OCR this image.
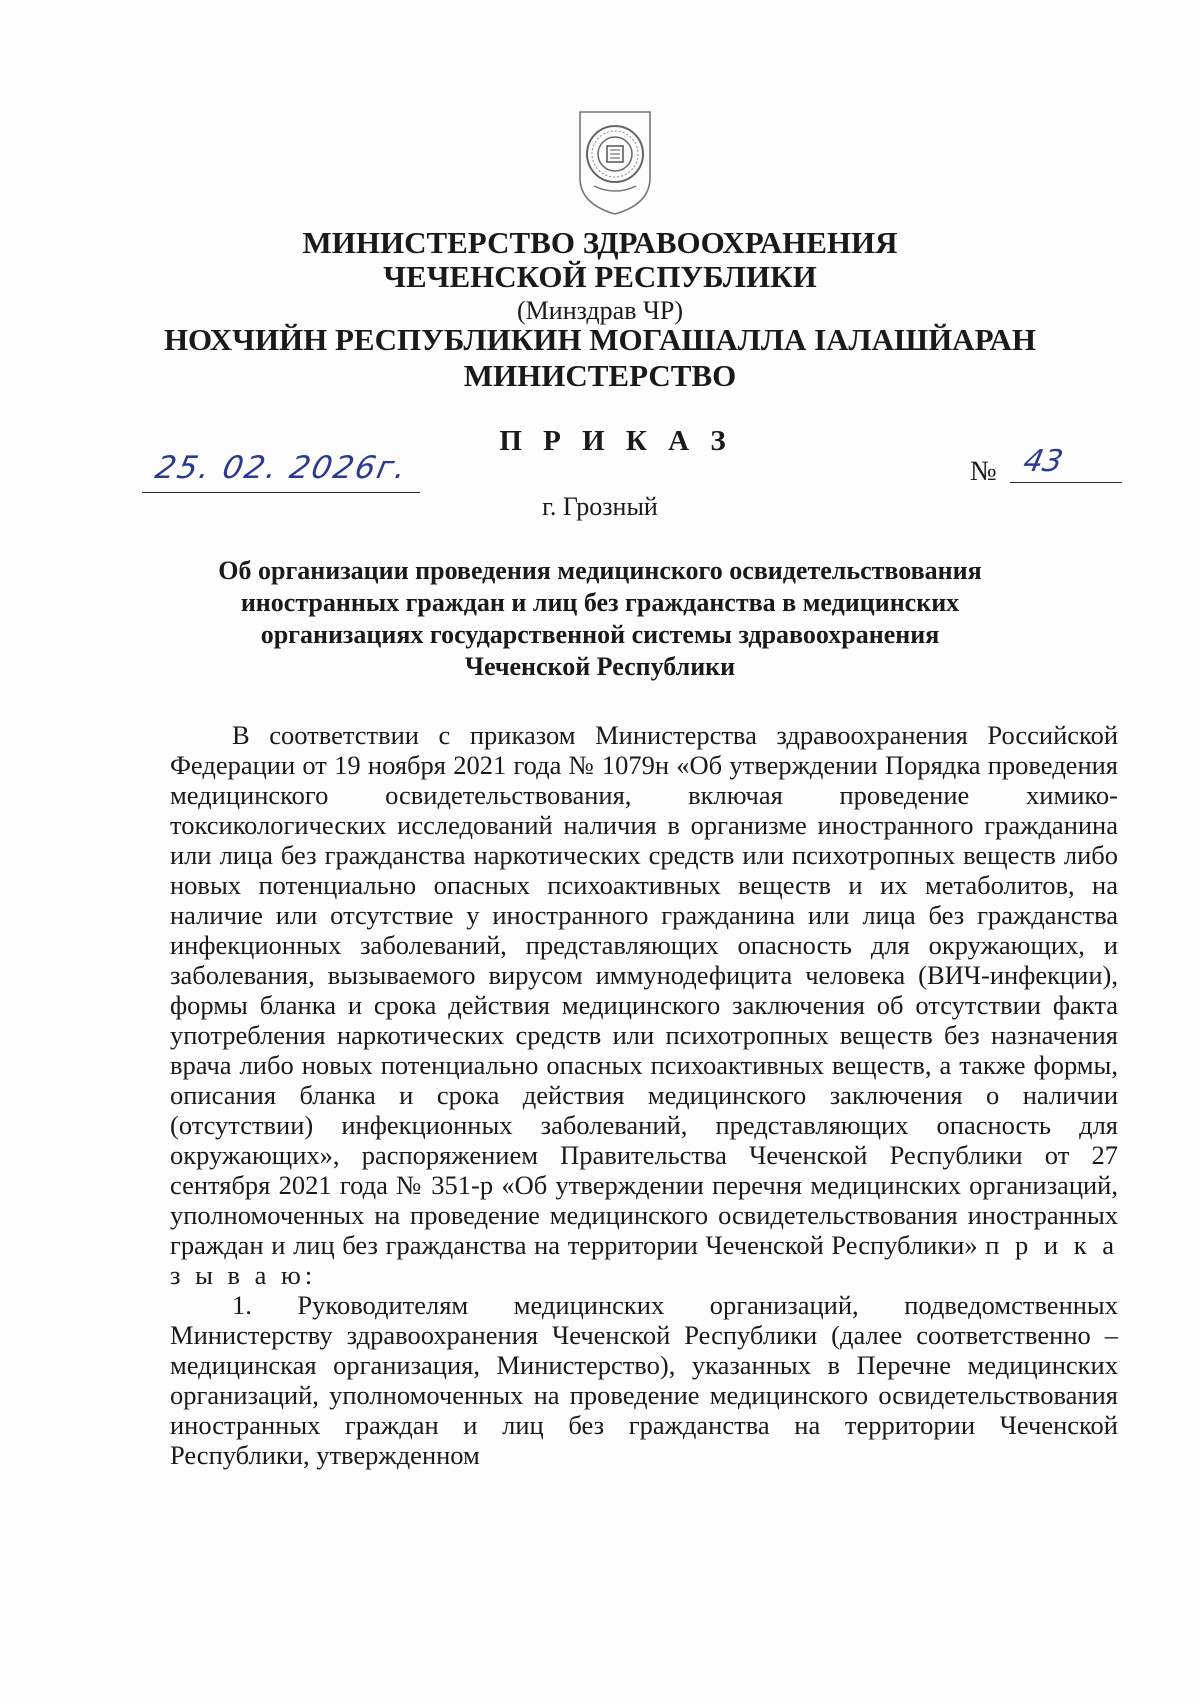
МИНИСТЕРСТВО ЗДРАВООХРАНЕНИЯ
ЧЕЧЕНСКОЙ РЕСПУБЛИКИ
(Минздрав ЧР)
НОХЧИЙН РЕСПУБЛИКИН МОГАШАЛЛА ІАЛАШЙАРАН
МИНИСТЕРСТВО
П Р И К А З
25. 02. 2026г.	№ 43
г. Грозный
Об организации проведения медицинского освидетельствования
иностранных граждан и лиц без гражданства в медицинских
организациях государственной системы здравоохранения
Чеченской Республики

В соответствии с приказом Министерства здравоохранения Российской Федерации от 19 ноября 2021 года № 1079н «Об утверждении Порядка проведения медицинского освидетельствования, включая проведение химико-токсикологических исследований наличия в организме иностранного гражданина или лица без гражданства наркотических средств или психотропных веществ либо новых потенциально опасных психоактивных веществ и их метаболитов, на наличие или отсутствие у иностранного гражданина или лица без гражданства инфекционных заболеваний, представляющих опасность для окружающих, и заболевания, вызываемого вирусом иммунодефицита человека (ВИЧ-инфекции), формы бланка и срока действия медицинского заключения об отсутствии факта употребления наркотических средств или психотропных веществ без назначения врача либо новых потенциально опасных психоактивных веществ, а также формы, описания бланка и срока действия медицинского заключения о наличии (отсутствии) инфекционных заболеваний, представляющих опасность для окружающих», распоряжением Правительства Чеченской Республики от 27 сентября 2021 года № 351-р «Об утверждении перечня медицинских организаций, уполномоченных на проведение медицинского освидетельствования иностранных граждан и лиц без гражданства на территории Чеченской Республики» п р и к а з ы в а ю:

1. Руководителям медицинских организаций, подведомственных Министерству здравоохранения Чеченской Республики (далее соответственно – медицинская организация, Министерство), указанных в Перечне медицинских организаций, уполномоченных на проведение медицинского освидетельствования иностранных граждан и лиц без гражданства на территории Чеченской Республики, утвержденном
